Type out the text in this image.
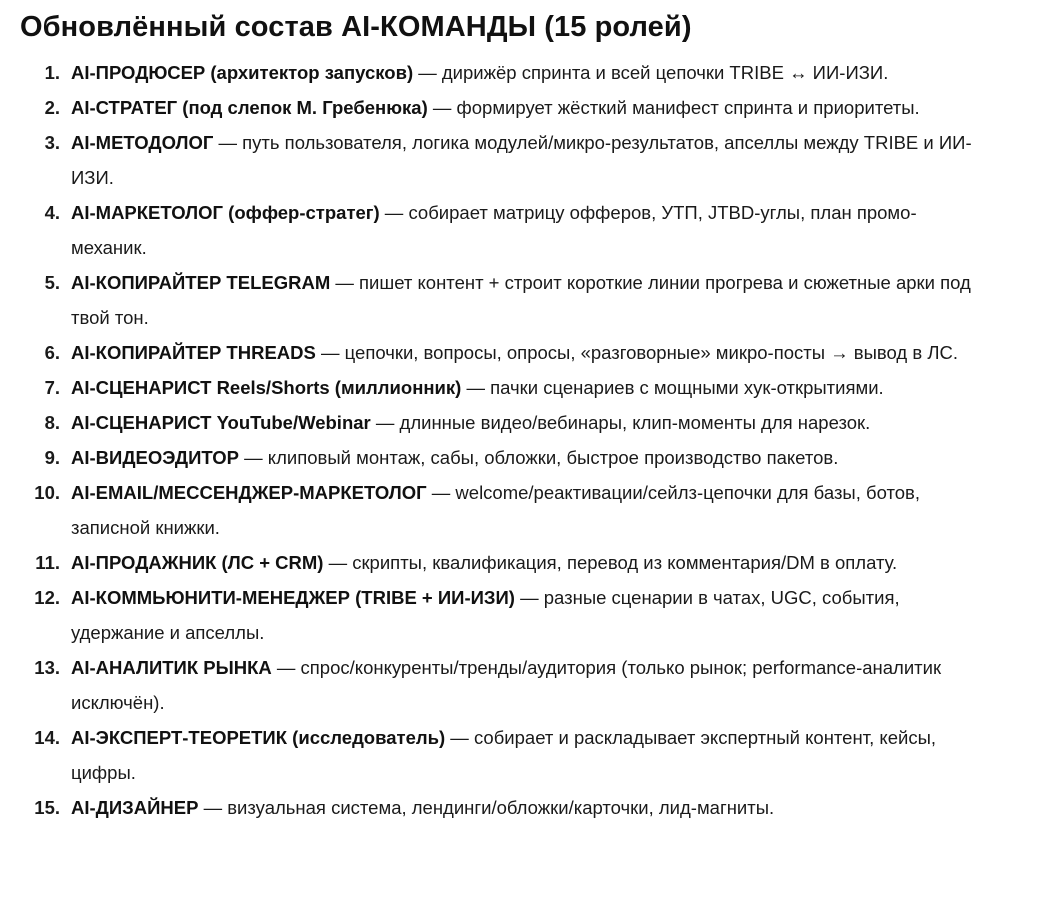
Обновлённый состав AI-КОМАНДЫ (15 ролей)
1. AI-ПРОДЮСЕР (архитектор запусков) — дирижёр спринта и всей цепочки TRIBE ↔ ИИ-ИЗИ.
2. AI-СТРАТЕГ (под слепок М. Гребенюка) — формирует жёсткий манифест спринта и приоритеты.
3. AI-МЕТОДОЛОГ — путь пользователя, логика модулей/микро-результатов, апселлы между TRIBE и ИИ-ИЗИ.
4. AI-МАРКЕТОЛОГ (оффер-стратег) — собирает матрицу офферов, УТП, JTBD-углы, план промо-механик.
5. AI-КОПИРАЙТЕР TELEGRAM — пишет контент + строит короткие линии прогрева и сюжетные арки под твой тон.
6. AI-КОПИРАЙТЕР THREADS — цепочки, вопросы, опросы, «разговорные» микро-посты → вывод в ЛС.
7. AI-СЦЕНАРИСТ Reels/Shorts (миллионник) — пачки сценариев с мощными хук-открытиями.
8. AI-СЦЕНАРИСТ YouTube/Webinar — длинные видео/вебинары, клип-моменты для нарезок.
9. AI-ВИДЕОЭДИТОР — клиповый монтаж, сабы, обложки, быстрое производство пакетов.
10. AI-EMAIL/МЕССЕНДЖЕР-МАРКЕТОЛОГ — welcome/реактивации/сейлз-цепочки для базы, ботов, записной книжки.
11. AI-ПРОДАЖНИК (ЛС + CRM) — скрипты, квалификация, перевод из комментария/DM в оплату.
12. AI-КОММЬЮНИТИ-МЕНЕДЖЕР (TRIBE + ИИ-ИЗИ) — разные сценарии в чатах, UGC, события, удержание и апселлы.
13. AI-АНАЛИТИК РЫНКА — спрос/конкуренты/тренды/аудитория (только рынок; performance-аналитик исключён).
14. AI-ЭКСПЕРТ-ТЕОРЕТИК (исследователь) — собирает и раскладывает экспертный контент, кейсы, цифры.
15. AI-ДИЗАЙНЕР — визуальная система, лендинги/обложки/карточки, лид-магниты.
